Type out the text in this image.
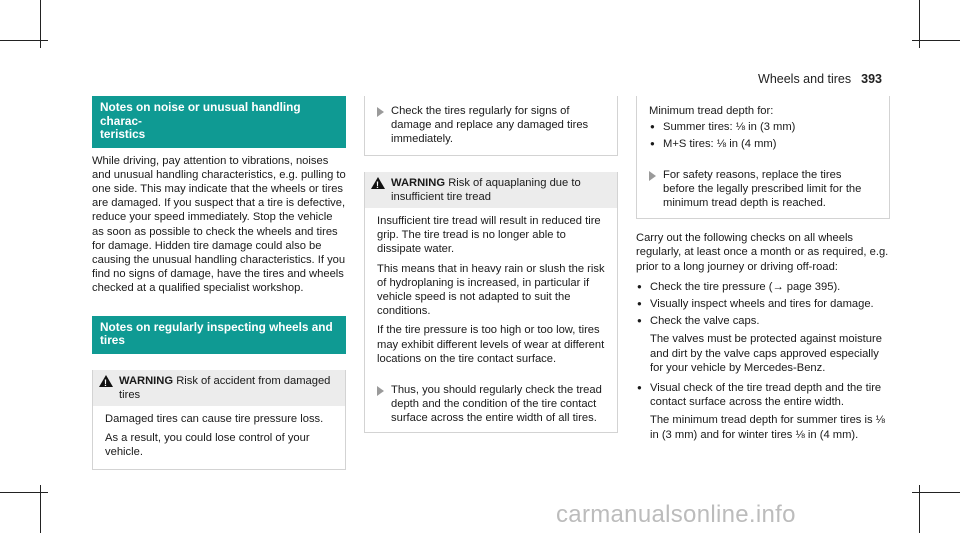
Wheels and tires 393
Notes on noise or unusual handling charac-
teristics

While driving, pay attention to vibrations, noises and unusual handling characteristics, e.g. pulling to one side. This may indicate that the wheels or tires are damaged. If you suspect that a tire is defective, reduce your speed immediately. Stop the vehicle as soon as possible to check the wheels and tires for damage. Hidden tire damage could also be causing the unusual handling characteristics. If you find no signs of damage, have the tires and wheels checked at a qualified specialist workshop.

Notes on regularly inspecting wheels and tires
!
WARNING Risk of accident from damaged tires

Damaged tires can cause tire pressure loss.

As a result, you could lose control of your vehicle.

Check the tires regularly for signs of damage and replace any damaged tires immediately.
!
WARNING Risk of aquaplaning due to insufficient tire tread

Insufficient tire tread will result in reduced tire grip. The tire tread is no longer able to dissipate water.

This means that in heavy rain or slush the risk of hydroplaning is increased, in particular if vehicle speed is not adapted to suit the conditions.

If the tire pressure is too high or too low, tires may exhibit different levels of wear at different locations on the tire contact surface.

Thus, you should regularly check the tread depth and the condition of the tire contact surface across the entire width of all tires.
Minimum tread depth for:
● Summer tires: ⅛ in (3 mm)
● M+S tires: ⅛ in (4 mm)
For safety reasons, replace the tires before the legally prescribed limit for the minimum tread depth is reached.

Carry out the following checks on all wheels regularly, at least once a month or as required, e.g. prior to a long journey or driving off-road:

● Check the tire pressure (→ page 395).
● Visually inspect wheels and tires for damage.
● Check the valve caps.

The valves must be protected against moisture and dirt by the valve caps approved especially for your vehicle by Mercedes-Benz.

● Visual check of the tire tread depth and the tire contact surface across the entire width.

The minimum tread depth for summer tires is ⅛ in (3 mm) and for winter tires ⅛ in (4 mm).

carmanualsonline.info
